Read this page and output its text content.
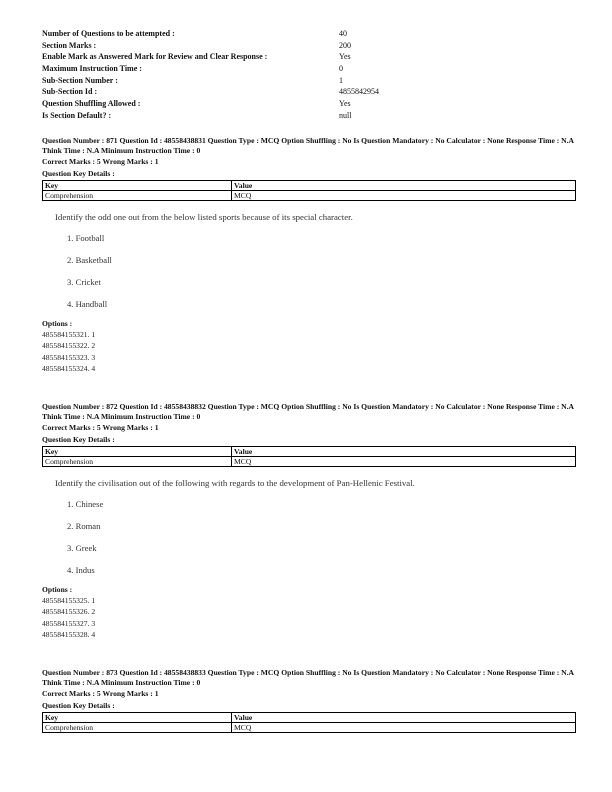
Number of Questions to be attempted :	40
Section Marks :	200
Enable Mark as Answered Mark for Review and Clear Response :	Yes
Maximum Instruction Time :	0
Sub-Section Number :	1
Sub-Section Id :	4855842954
Question Shuffling Allowed :	Yes
Is Section Default? :	null
Question Number : 871 Question Id : 48558438831 Question Type : MCQ Option Shuffling : No Is Question Mandatory : No Calculator : None Response Time : N.A Think Time : N.A Minimum Instruction Time : 0
Correct Marks : 5 Wrong Marks : 1
Question Key Details :
Key	Value
Comprehension	MCQ
Identify the odd one out from the below listed sports because of its special character.
1. Football
2. Basketball
3. Cricket
4. Handball
Options :
485584155321. 1
485584155322. 2
485584155323. 3
485584155324. 4
Question Number : 872 Question Id : 48558438832 Question Type : MCQ Option Shuffling : No Is Question Mandatory : No Calculator : None Response Time : N.A Think Time : N.A Minimum Instruction Time : 0
Correct Marks : 5 Wrong Marks : 1
Question Key Details :
Key	Value
Comprehension	MCQ
Identify the civilisation out of the following with regards to the development of Pan-Hellenic Festival.
1. Chinese
2. Roman
3. Greek
4. Indus
Options :
485584155325. 1
485584155326. 2
485584155327. 3
485584155328. 4
Question Number : 873 Question Id : 48558438833 Question Type : MCQ Option Shuffling : No Is Question Mandatory : No Calculator : None Response Time : N.A Think Time : N.A Minimum Instruction Time : 0
Correct Marks : 5 Wrong Marks : 1
Question Key Details :
Key	Value
Comprehension	MCQ
